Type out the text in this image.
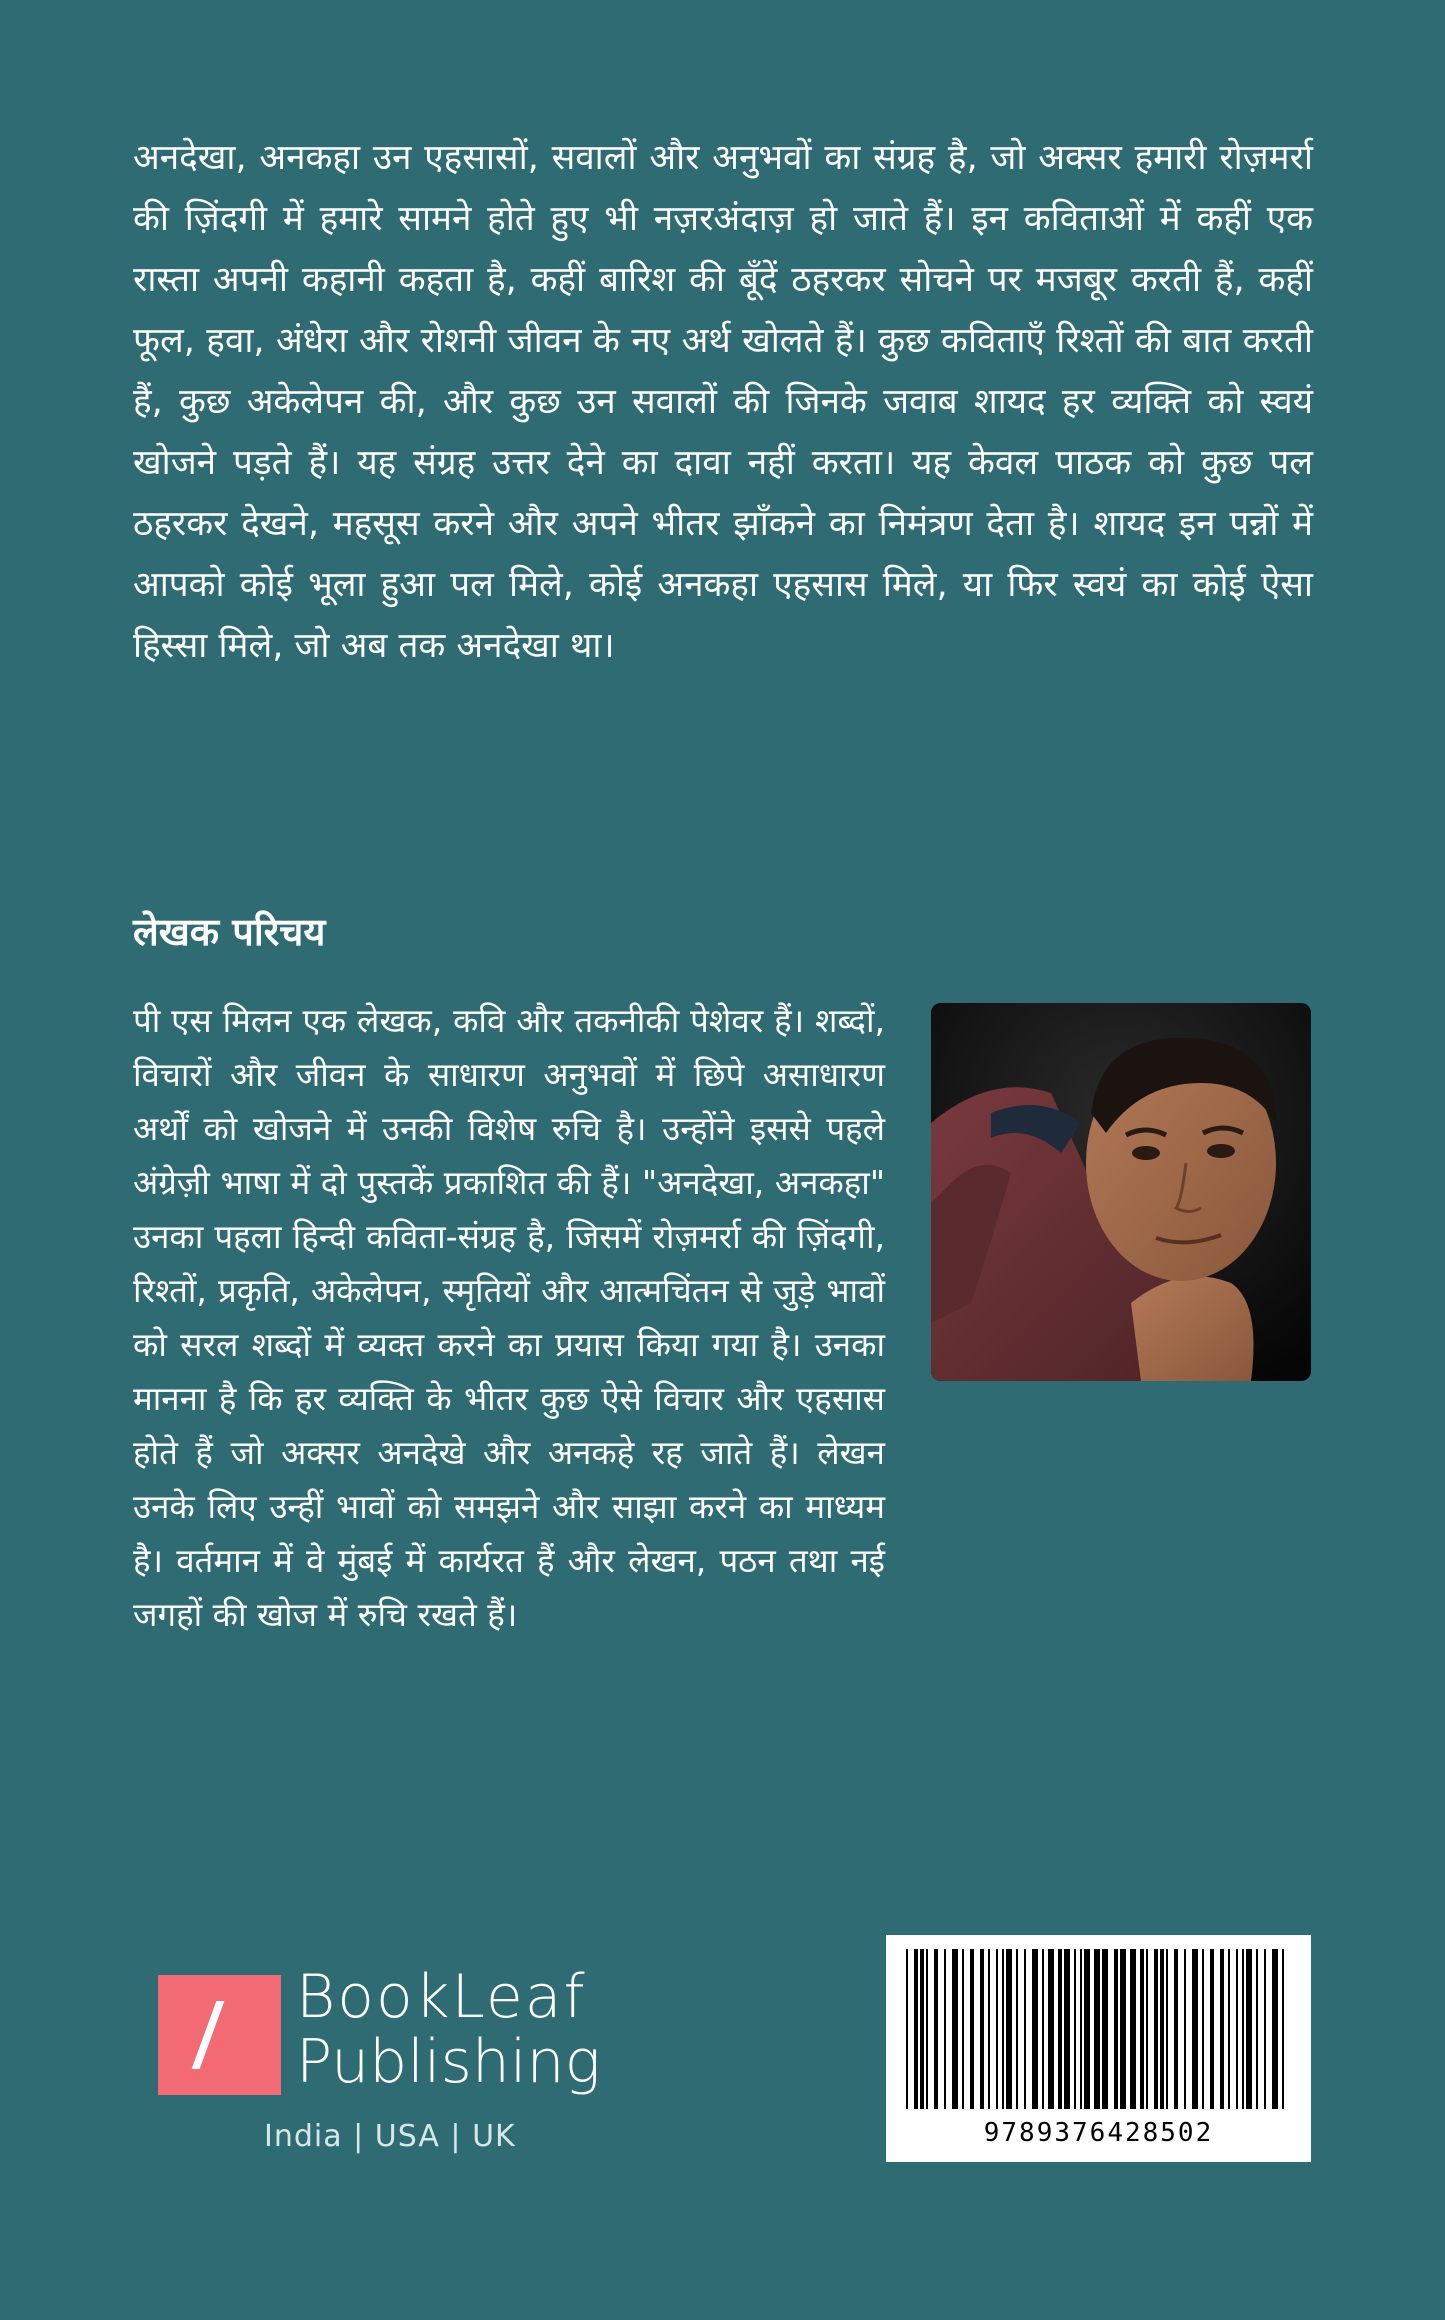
अनदेखा, अनकहा उन एहसासों, सवालों और अनुभवों का संग्रह है, जो अक्सर हमारी रोज़मर्रा की ज़िंदगी में हमारे सामने होते हुए भी नज़रअंदाज़ हो जाते हैं। इन कविताओं में कहीं एक रास्ता अपनी कहानी कहता है, कहीं बारिश की बूँदें ठहरकर सोचने पर मजबूर करती हैं, कहीं फूल, हवा, अंधेरा और रोशनी जीवन के नए अर्थ खोलते हैं। कुछ कविताएँ रिश्तों की बात करती हैं, कुछ अकेलेपन की, और कुछ उन सवालों की जिनके जवाब शायद हर व्यक्ति को स्वयं खोजने पड़ते हैं। यह संग्रह उत्तर देने का दावा नहीं करता। यह केवल पाठक को कुछ पल ठहरकर देखने, महसूस करने और अपने भीतर झाँकने का निमंत्रण देता है। शायद इन पन्नों में आपको कोई भूला हुआ पल मिले, कोई अनकहा एहसास मिले, या फिर स्वयं का कोई ऐसा हिस्सा मिले, जो अब तक अनदेखा था।

लेखक परिचय

पी एस मिलन एक लेखक, कवि और तकनीकी पेशेवर हैं। शब्दों, विचारों और जीवन के साधारण अनुभवों में छिपे असाधारण अर्थों को खोजने में उनकी विशेष रुचि है। उन्होंने इससे पहले अंग्रेज़ी भाषा में दो पुस्तकें प्रकाशित की हैं। "अनदेखा, अनकहा" उनका पहला हिन्दी कविता-संग्रह है, जिसमें रोज़मर्रा की ज़िंदगी, रिश्तों, प्रकृति, अकेलेपन, स्मृतियों और आत्मचिंतन से जुड़े भावों को सरल शब्दों में व्यक्त करने का प्रयास किया गया है। उनका मानना है कि हर व्यक्ति के भीतर कुछ ऐसे विचार और एहसास होते हैं जो अक्सर अनदेखे और अनकहे रह जाते हैं। लेखन उनके लिए उन्हीं भावों को समझने और साझा करने का माध्यम है। वर्तमान में वे मुंबई में कार्यरत हैं और लेखन, पठन तथा नई जगहों की खोज में रुचि रखते हैं।

BookLeaf
Publishing
India | USA | UK	9789376428502
